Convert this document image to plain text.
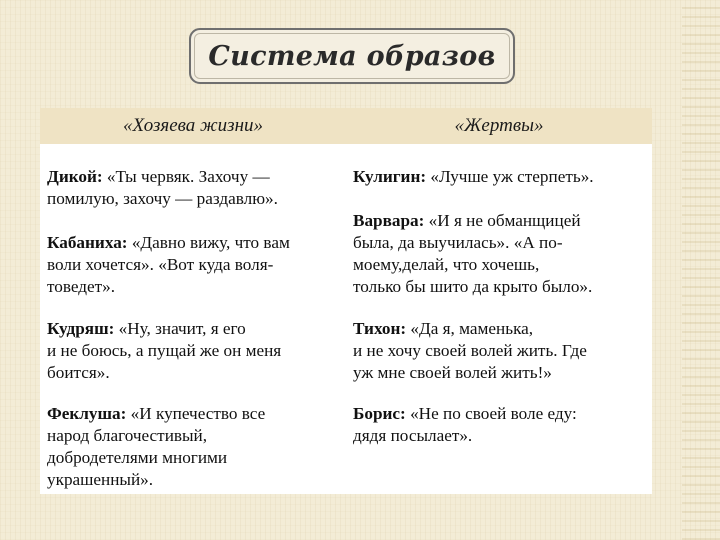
Система образов
«Хозяева жизни»	«Жертвы»

Дикой: «Ты червяк. Захочу —
помилую, захочу — раздавлю».

Кабаниха: «Давно вижу, что вам
воли хочется». «Вот куда воля-
товедет».

Кудряш: «Ну, значит, я его
и не боюсь, а пущай же он меня
боится».

Феклуша: «И купечество все
народ благочестивый,
добродетелями многими
украшенный».

Кулигин: «Лучше уж стерпеть».

Варвара: «И я не обманщицей
была, да выучилась». «А по-
моему,делай, что хочешь,
только бы шито да крыто было».

Тихон: «Да я, маменька,
и не хочу своей волей жить. Где
уж мне своей волей жить!»

Борис: «Не по своей воле еду:
дядя посылает».
